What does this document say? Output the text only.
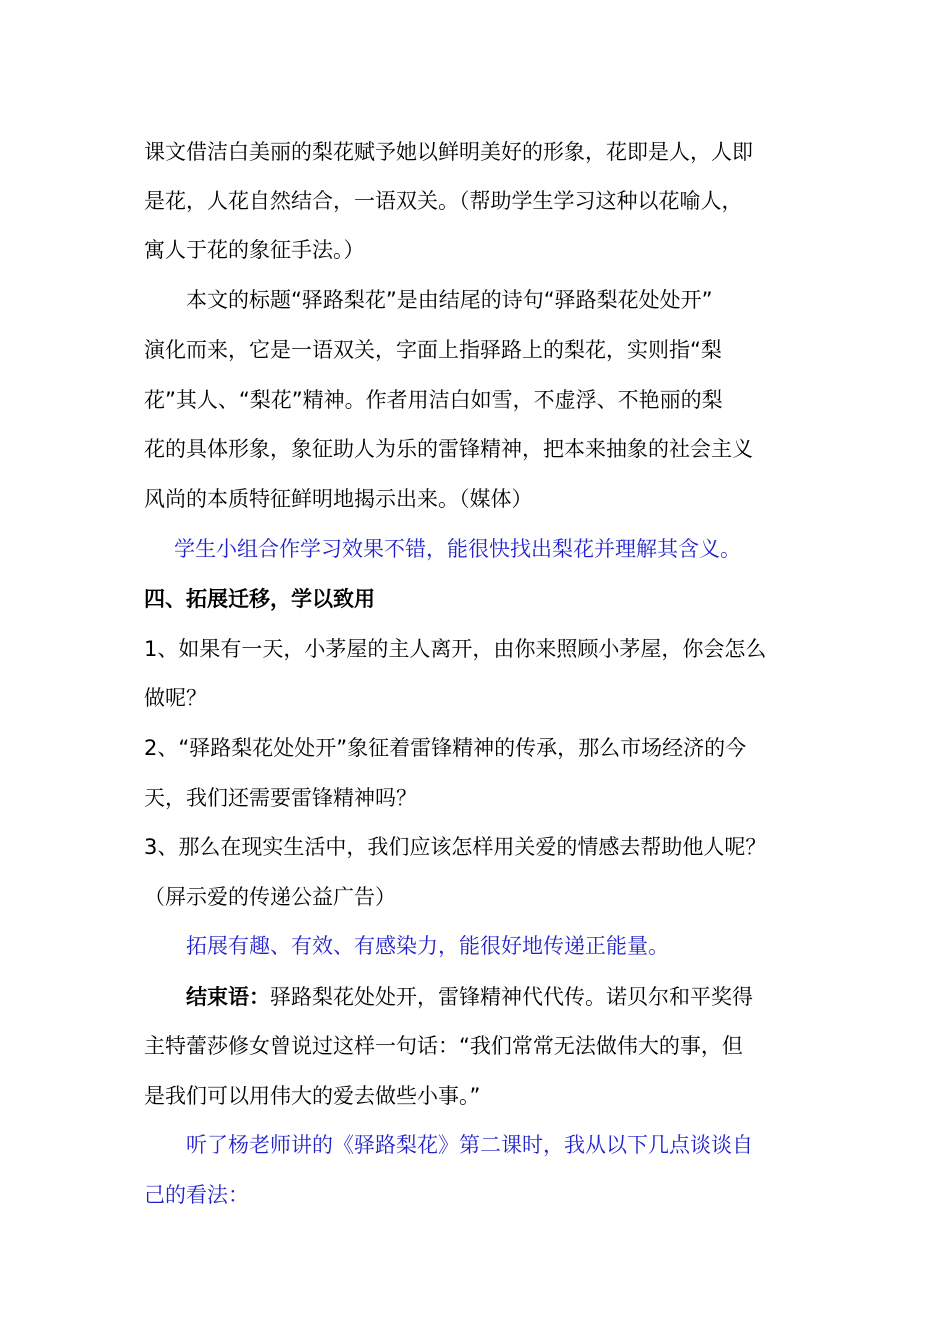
课文借洁白美丽的梨花赋予她以鲜明美好的形象，花即是人，人即
是花，人花自然结合，一语双关。（帮助学生学习这种以花喻人，
寓人于花的象征手法。）
本文的标题“驿路梨花”是由结尾的诗句“驿路梨花处处开”
演化而来，它是一语双关，字面上指驿路上的梨花，实则指“梨
花”其人、“梨花”精神。作者用洁白如雪，不虚浮、不艳丽的梨
花的具体形象，象征助人为乐的雷锋精神，把本来抽象的社会主义
风尚的本质特征鲜明地揭示出来。（媒体）
学生小组合作学习效果不错，能很快找出梨花并理解其含义。
四、拓展迁移，学以致用
1、如果有一天，小茅屋的主人离开，由你来照顾小茅屋，你会怎么
做呢？
2、“驿路梨花处处开”象征着雷锋精神的传承，那么市场经济的今
天，我们还需要雷锋精神吗？
3、那么在现实生活中，我们应该怎样用关爱的情感去帮助他人呢？
（屏示爱的传递公益广告）
拓展有趣、有效、有感染力，能很好地传递正能量。
结束语：驿路梨花处处开，雷锋精神代代传。诺贝尔和平奖得
主特蕾莎修女曾说过这样一句话：“我们常常无法做伟大的事，但
是我们可以用伟大的爱去做些小事。”
听了杨老师讲的《驿路梨花》第二课时，我从以下几点谈谈自
己的看法：
